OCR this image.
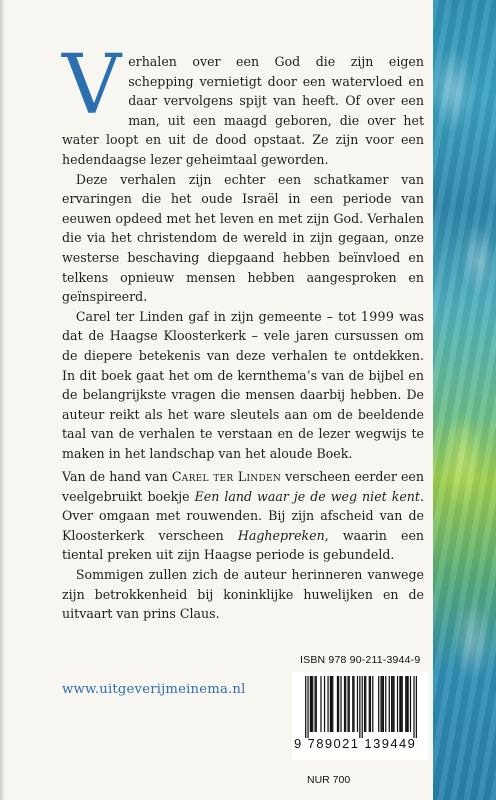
Verhalen over een God die zijn eigen schepping vernietigt door een watervloed en daar vervolgens spijt van heeft. Of over een man, uit een maagd geboren, die over het water loopt en uit de dood opstaat. Ze zijn voor een hedendaagse lezer geheimtaal geworden.

Deze verhalen zijn echter een schatkamer van ervaringen die het oude Israël in een periode van eeuwen opdeed met het leven en met zijn God. Verhalen die via het christendom de wereld in zijn gegaan, onze westerse beschaving diepgaand hebben beïnvloed en telkens opnieuw mensen hebben aangesproken en geïnspireerd.

Carel ter Linden gaf in zijn gemeente – tot 1999 was dat de Haagse Kloosterkerk – vele jaren cursussen om de diepere betekenis van deze verhalen te ontdekken. In dit boek gaat het om de kernthema’s van de bijbel en de belangrijkste vragen die mensen daarbij hebben. De auteur reikt als het ware sleutels aan om de beeldende taal van de verhalen te verstaan en de lezer wegwijs te maken in het landschap van het aloude Boek.

Van de hand van Carel ter Linden verscheen eerder een veelgebruikt boekje Een land waar je de weg niet kent. Over omgaan met rouwenden. Bij zijn afscheid van de Kloosterkerk verscheen Haghepreken, waarin een tiental preken uit zijn Haagse periode is gebundeld.

Sommigen zullen zich de auteur herinneren vanwege zijn betrokkenheid bij koninklijke huwelijken en de uitvaart van prins Claus.

www.uitgeverijmeinema.nl
ISBN 978 90-211-3944-9
9 789021 139449
NUR 700
